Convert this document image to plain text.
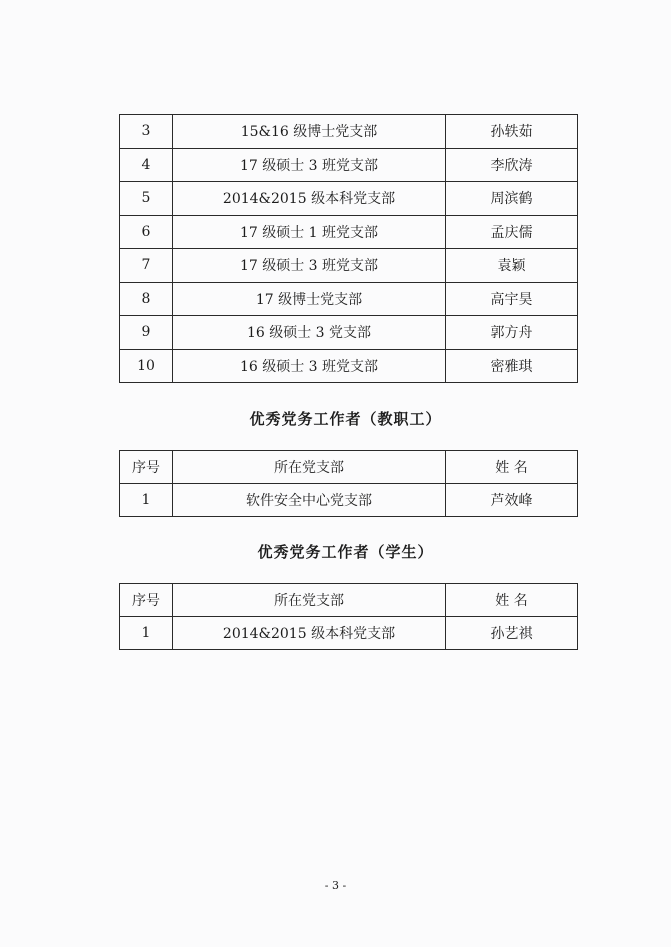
3	15&16 级博士党支部	孙轶茹
4	17 级硕士 3 班党支部	李欣涛
5	2014&2015 级本科党支部	周滨鹤
6	17 级硕士 1 班党支部	孟庆儒
7	17 级硕士 3 班党支部	袁颖
8	17 级博士党支部	高宇昊
9	16 级硕士 3 党支部	郭方舟
10	16 级硕士 3 班党支部	密雅琪
优秀党务工作者（教职工）
序号	所在党支部	姓 名
1	软件安全中心党支部	芦效峰
优秀党务工作者（学生）
序号	所在党支部	姓 名
1	2014&2015 级本科党支部	孙艺祺
- 3 -
